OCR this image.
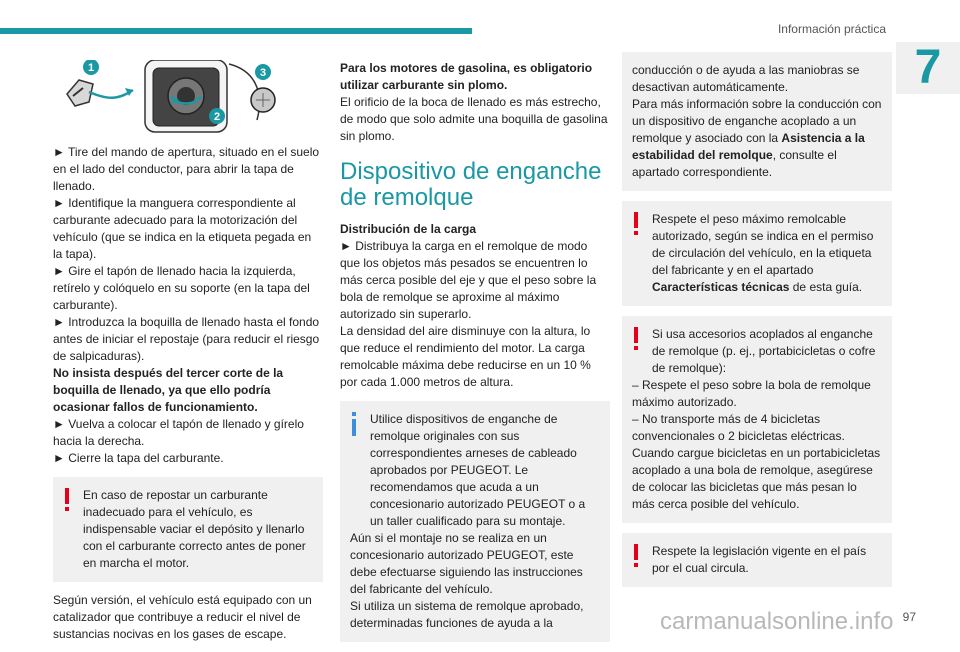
Información práctica
7
1	3
2

► Tire del mando de apertura, situado en el suelo en el lado del conductor, para abrir la tapa de llenado.

► Identifique la manguera correspondiente al carburante adecuado para la motorización del vehículo (que se indica en la etiqueta pegada en la tapa).

► Gire el tapón de llenado hacia la izquierda, retírelo y colóquelo en su soporte (en la tapa del carburante).

► Introduzca la boquilla de llenado hasta el fondo antes de iniciar el repostaje (para reducir el riesgo de salpicaduras).

No insista después del tercer corte de la boquilla de llenado, ya que ello podría ocasionar fallos de funcionamiento.

► Vuelva a colocar el tapón de llenado y gírelo hacia la derecha.

► Cierre la tapa del carburante.

En caso de repostar un carburante inadecuado para el vehículo, es indispensable vaciar el depósito y llenarlo con el carburante correcto antes de poner en marcha el motor.

Según versión, el vehículo está equipado con un catalizador que contribuye a reducir el nivel de sustancias nocivas en los gases de escape.

Para los motores de gasolina, es obligatorio utilizar carburante sin plomo.

El orificio de la boca de llenado es más estrecho, de modo que solo admite una boquilla de gasolina sin plomo.

Dispositivo de enganche de remolque

Distribución de la carga

► Distribuya la carga en el remolque de modo que los objetos más pesados se encuentren lo más cerca posible del eje y que el peso sobre la bola de remolque se aproxime al máximo autorizado sin superarlo.

La densidad del aire disminuye con la altura, lo que reduce el rendimiento del motor. La carga remolcable máxima debe reducirse en un 10 % por cada 1.000 metros de altura.

Utilice dispositivos de enganche de remolque originales con sus correspondientes arneses de cableado aprobados por PEUGEOT. Le recomendamos que acuda a un concesionario autorizado PEUGEOT o a un taller cualificado para su montaje.

Aún si el montaje no se realiza en un concesionario autorizado PEUGEOT, este debe efectuarse siguiendo las instrucciones del fabricante del vehículo.

Si utiliza un sistema de remolque aprobado, determinadas funciones de ayuda a la

conducción o de ayuda a las maniobras se desactivan automáticamente.

Para más información sobre la conducción con un dispositivo de enganche acoplado a un remolque y asociado con la Asistencia a la estabilidad del remolque, consulte el apartado correspondiente.

Respete el peso máximo remolcable autorizado, según se indica en el permiso de circulación del vehículo, en la etiqueta del fabricante y en el apartado Características técnicas de esta guía.

Si usa accesorios acoplados al enganche de remolque (p. ej., portabicicletas o cofre de remolque):

– Respete el peso sobre la bola de remolque máximo autorizado.

– No transporte más de 4 bicicletas convencionales o 2 bicicletas eléctricas.

Cuando cargue bicicletas en un portabicicletas acoplado a una bola de remolque, asegúrese de colocar las bicicletas que más pesan lo más cerca posible del vehículo.

Respete la legislación vigente en el país por el cual circula.

carmanualsonline.info 97
